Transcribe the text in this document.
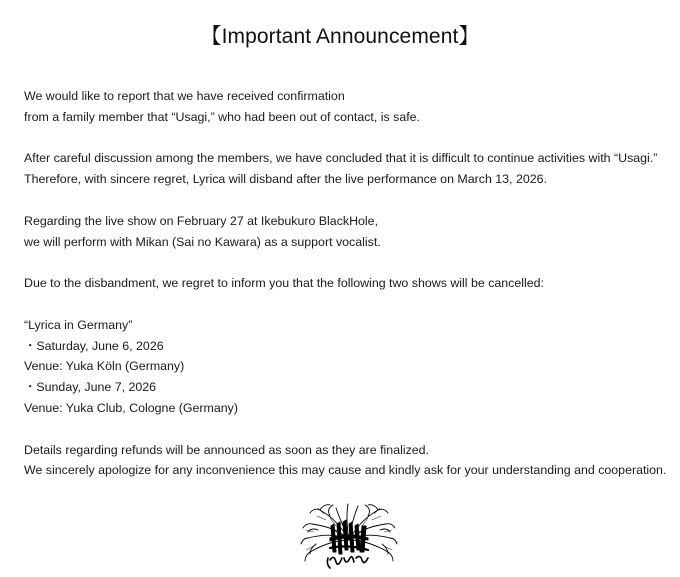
【Important Announcement】
We would like to report that we have received confirmation
from a family member that “Usagi,” who had been out of contact, is safe.
After careful discussion among the members, we have concluded that it is difficult to continue activities with “Usagi.”
Therefore, with sincere regret, Lyrica will disband after the live performance on March 13, 2026.
Regarding the live show on February 27 at Ikebukuro BlackHole,
we will perform with Mikan (Sai no Kawara) as a support vocalist.
Due to the disbandment, we regret to inform you that the following two shows will be cancelled:
“Lyrica in Germany”
・Saturday, June 6, 2026
Venue: Yuka Köln (Germany)
・Sunday, June 7, 2026
Venue: Yuka Club, Cologne (Germany)
Details regarding refunds will be announced as soon as they are finalized.
We sincerely apologize for any inconvenience this may cause and kindly ask for your understanding and cooperation.
